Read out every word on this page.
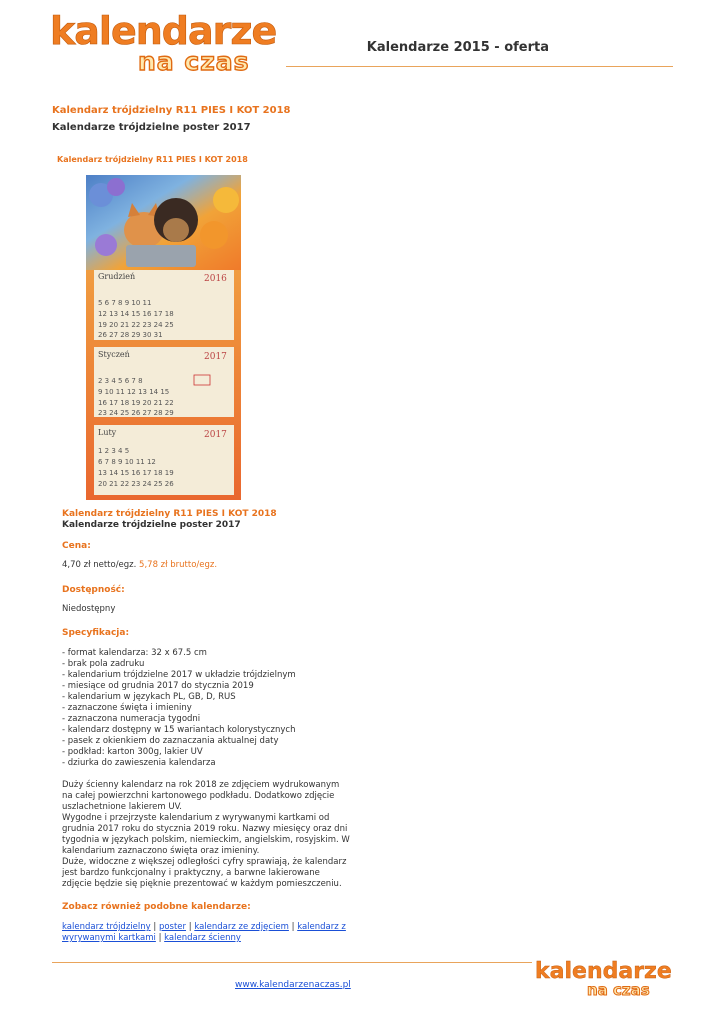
kalendarze
na czas	Kalendarze 2015 - oferta
Kalendarz trójdzielny R11 PIES I KOT 2018
Kalendarze trójdzielne poster 2017
Kalendarz trójdzielny R11 PIES I KOT 2018
Grudzień	2016
5 6 7 8 9 10 11
12 13 14 15 16 17 18
19 20 21 22 23 24 25
26 27 28 29 30 31
Styczeń	2017
2 3 4 5 6 7 8
9 10 11 12 13 14 15
16 17 18 19 20 21 22
23 24 25 26 27 28 29
Luty	2017
1 2 3 4 5
6 7 8 9 10 11 12
13 14 15 16 17 18 19
20 21 22 23 24 25 26
Kalendarz trójdzielny R11 PIES I KOT 2018
Kalendarze trójdzielne poster 2017
Cena:
4,70 zł netto/egz. 5,78 zł brutto/egz.
Dostępność:
Niedostępny
Specyfikacja:
- format kalendarza: 32 x 67.5 cm
- brak pola zadruku
- kalendarium trójdzielne 2017 w układzie trójdzielnym
- miesiące od grudnia 2017 do stycznia 2019
- kalendarium w językach PL, GB, D, RUS
- zaznaczone święta i imieniny
- zaznaczona numeracja tygodni
- kalendarz dostępny w 15 wariantach kolorystycznych
- pasek z okienkiem do zaznaczania aktualnej daty
- podkład: karton 300g, lakier UV
- dziurka do zawieszenia kalendarza

Duży ścienny kalendarz na rok 2018 ze zdjęciem wydrukowanym

na całej powierzchni kartonowego podkładu. Dodatkowo zdjęcie

uszlachetnione lakierem UV.

Wygodne i przejrzyste kalendarium z wyrywanymi kartkami od

grudnia 2017 roku do stycznia 2019 roku. Nazwy miesięcy oraz dni

tygodnia w językach polskim, niemieckim, angielskim, rosyjskim. W

kalendarium zaznaczono święta oraz imieniny.

Duże, widoczne z większej odległości cyfry sprawiają, że kalendarz

jest bardzo funkcjonalny i praktyczny, a barwne lakierowane

zdjęcie będzie się pięknie prezentować w każdym pomieszczeniu.

Zobacz również podobne kalendarze:
kalendarz trójdzielny | poster | kalendarz ze zdjęciem | kalendarz z wyrywanymi kartkami | kalendarz ścienny
kalendarze
na czas
www.kalendarzenaczas.pl
